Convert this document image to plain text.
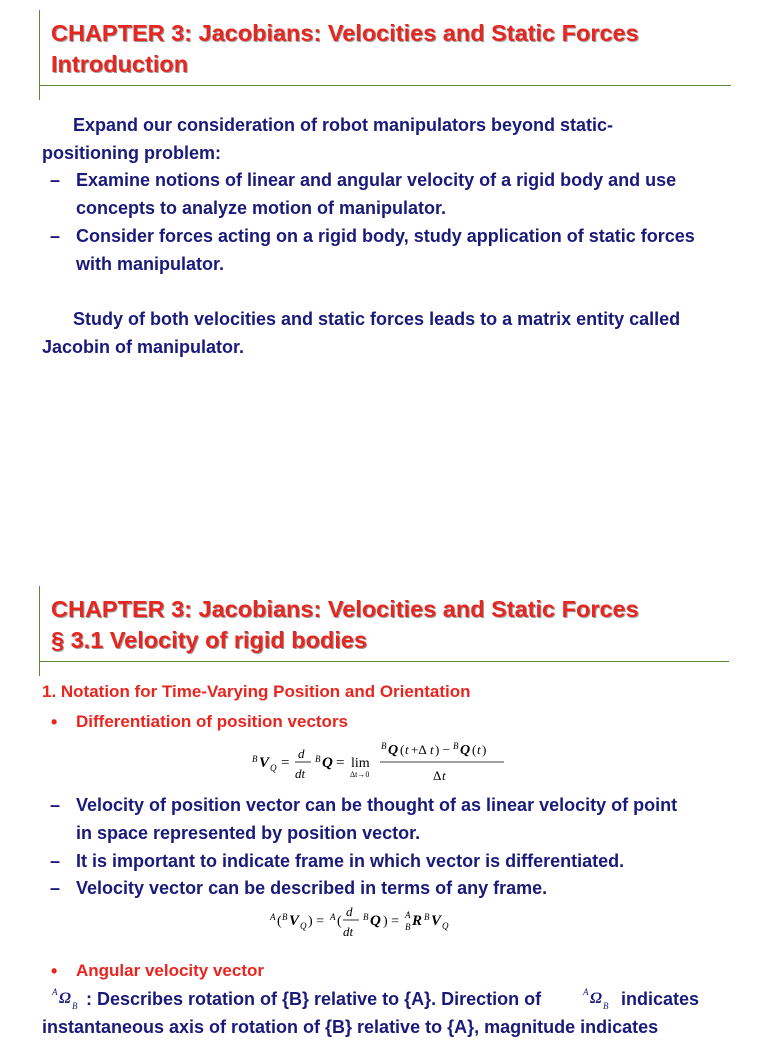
CHAPTER 3: Jacobians: Velocities and Static Forces
Introduction

Expand our consideration of robot manipulators beyond static-

positioning problem:

– Examine notions of linear and angular velocity of a rigid body and use

concepts to analyze motion of manipulator.

– Consider forces acting on a rigid body, study application of static forces

with manipulator.

Study of both velocities and static forces leads to a matrix entity called

Jacobin of manipulator.

CHAPTER 3: Jacobians: Velocities and Static Forces
§ 3.1 Velocity of rigid bodies

1. Notation for Time-Varying Position and Orientation

• Differentiation of position vectors

B V Q =
d
dt
B Q = lim
Δt→0
B Q ( t +Δ t ) − B Q ( t )
Δ t
– Velocity of position vector can be thought of as linear velocity of point

in space represented by position vector.

– It is important to indicate frame in which vector is differentiated.

– Velocity vector can be described in terms of any frame.

A ( B V Q ) = A (
d
dt
B Q ) = A
B R B V Q
• Angular velocity vector

A Ω B : Describes rotation of {B} relative to {A}. Direction of	A Ω B indicates

instantaneous axis of rotation of {B} relative to {A}, magnitude indicates
